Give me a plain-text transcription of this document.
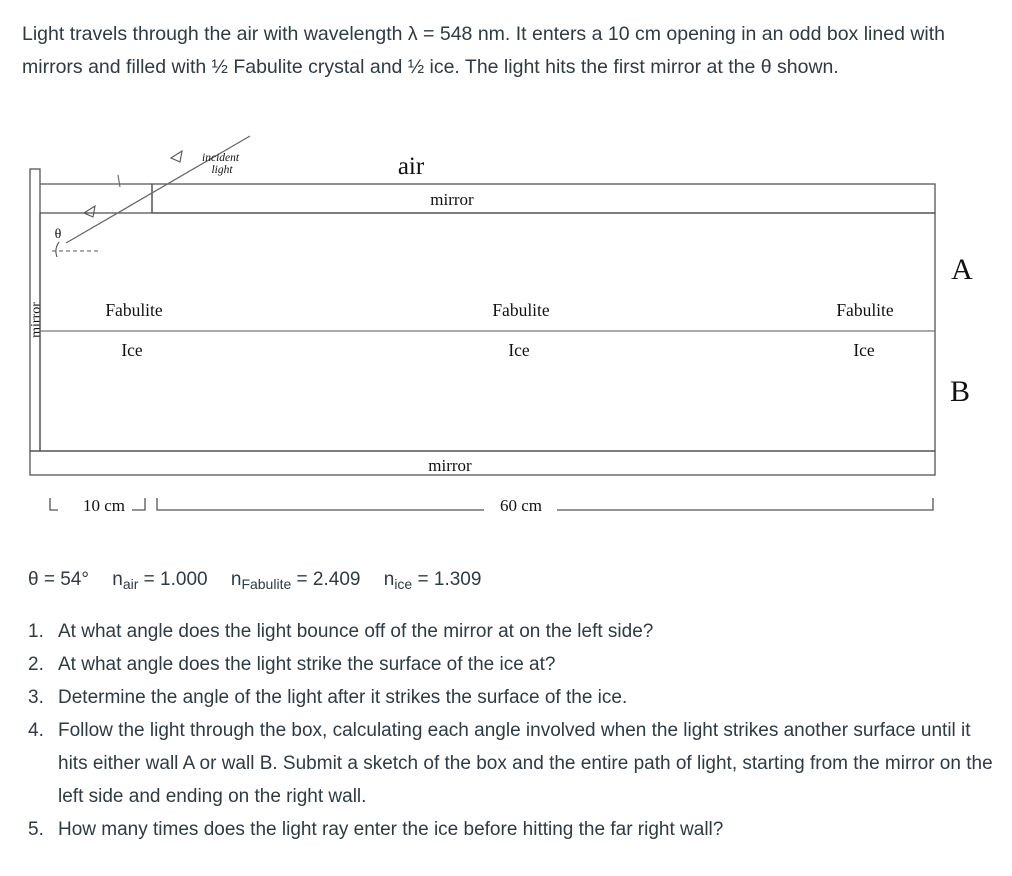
Light travels through the air with wavelength λ = 548 nm. It enters a 10 cm opening in an odd box lined with mirrors and filled with ½ Fabulite crystal and ½ ice. The light hits the first mirror at the θ shown.
mirror
mirror
mirror
air
incident light
θ
Fabulite	Fabulite	Fabulite
Ice	Ice	Ice
A
B
10 cm	60 cm
θ = 54° $n_{air} = 1.000$ $n_{Fabulite} = 2.409$ $n_{ice} = 1.309$
1. At what angle does the light bounce off of the mirror at on the left side?
2. At what angle does the light strike the surface of the ice at?
3. Determine the angle of the light after it strikes the surface of the ice.
4. Follow the light through the box, calculating each angle involved when the light strikes another surface until it hits either wall A or wall B. Submit a sketch of the box and the entire path of light, starting from the mirror on the left side and ending on the right wall.
5. How many times does the light ray enter the ice before hitting the far right wall?
